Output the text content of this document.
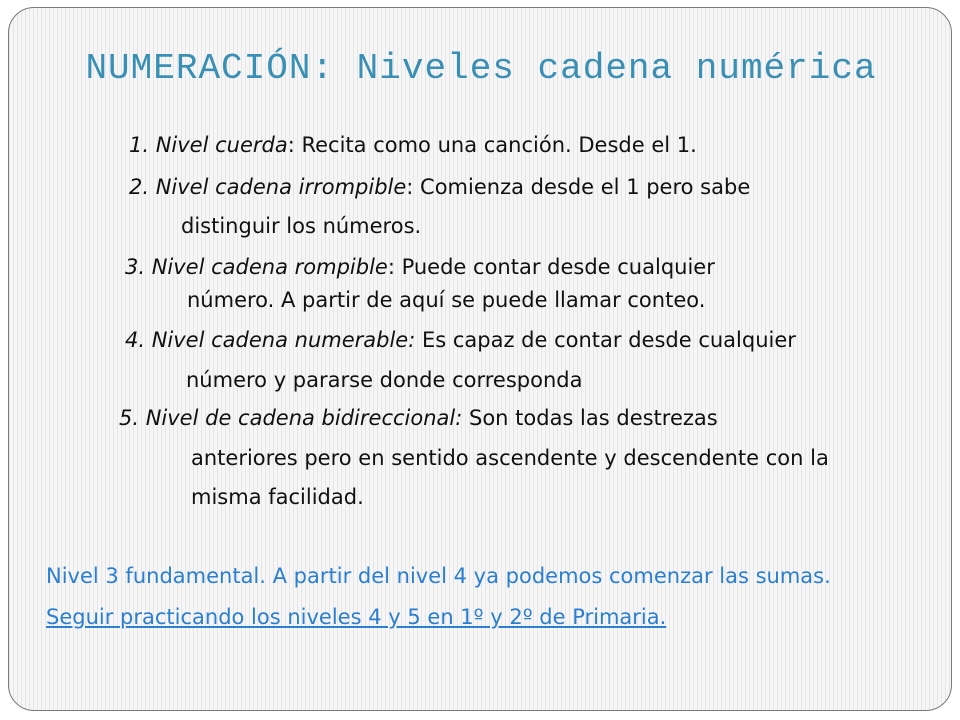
NUMERACIÓN: Niveles cadena numérica
1. Nivel cuerda: Recita como una canción. Desde el 1.
2. Nivel cadena irrompible: Comienza desde el 1 pero sabe
distinguir los números.
3. Nivel cadena rompible: Puede contar desde cualquier
número. A partir de aquí se puede llamar conteo.
4. Nivel cadena numerable: Es capaz de contar desde cualquier
número y pararse donde corresponda
5. Nivel de cadena bidireccional: Son todas las destrezas
anteriores pero en sentido ascendente y descendente con la
misma facilidad.
Nivel 3 fundamental. A partir del nivel 4 ya podemos comenzar las sumas.
Seguir practicando los niveles 4 y 5 en 1º y 2º de Primaria.
